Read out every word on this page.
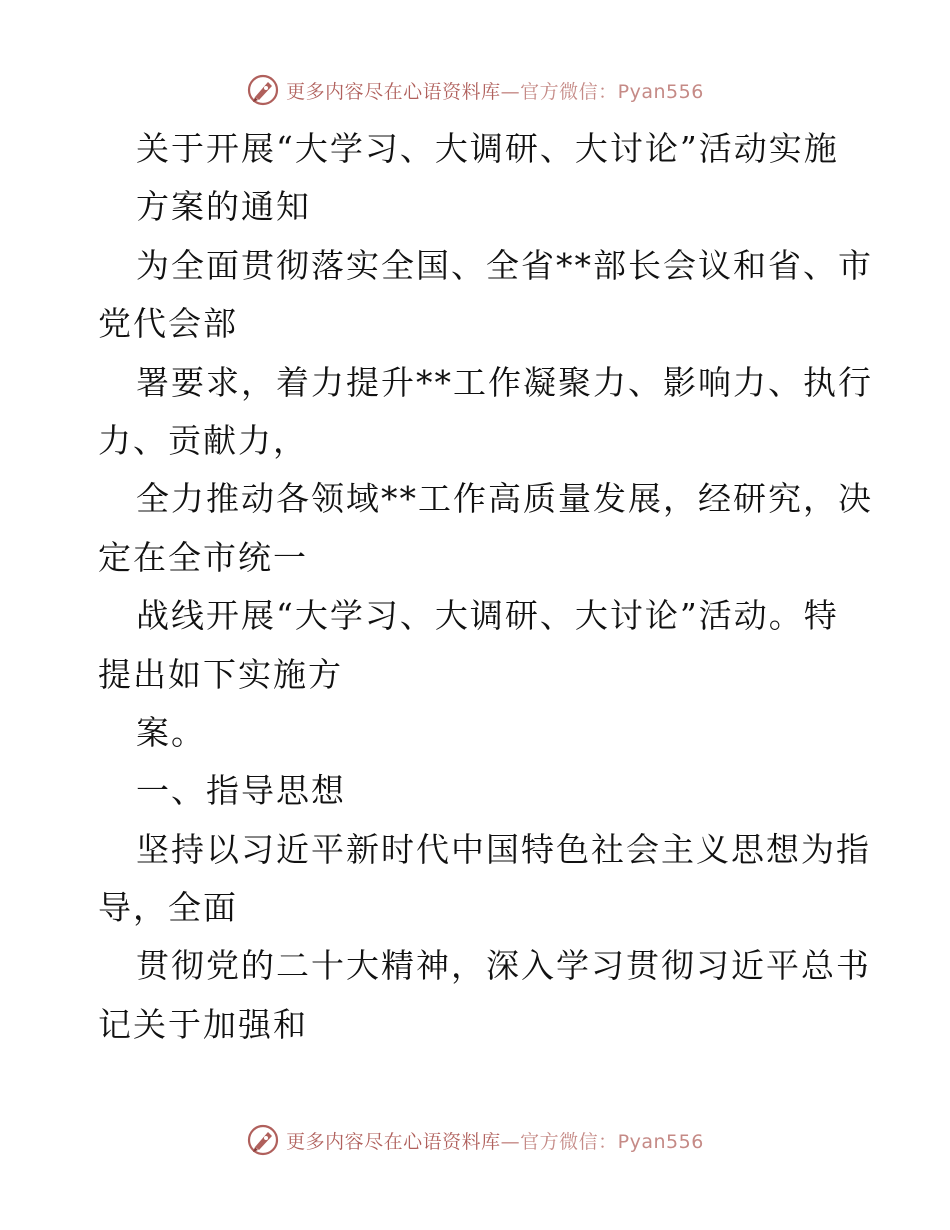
更多内容尽在心语资料库—官方微信：Pyan556
关于开展“大学习、大调研、大讨论”活动实施
方案的通知
为全面贯彻落实全国、全省**部长会议和省、市
党代会部
署要求，着力提升**工作凝聚力、影响力、执行
力、贡献力，
全力推动各领域**工作高质量发展，经研究，决
定在全市统一
战线开展“大学习、大调研、大讨论”活动。特
提出如下实施方
案。
一、指导思想
坚持以习近平新时代中国特色社会主义思想为指
导，全面
贯彻党的二十大精神，深入学习贯彻习近平总书
记关于加强和
更多内容尽在心语资料库—官方微信：Pyan556
